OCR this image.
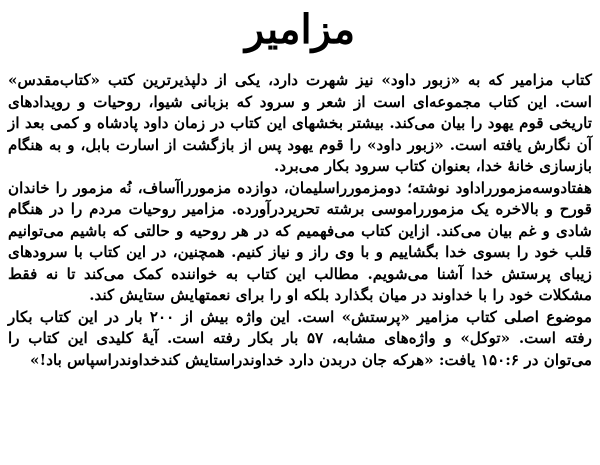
مزامیر

کتاب مزامیر که به «زبور داود» نیز شهرت دارد، یکی از دلپذیرترین کتب «کتاب‌مقدس» است. این کتاب مجموعه‌ای است از شعر و سرود که بزبانی شیوا، روحیات و رویدادهای تاریخی قوم یهود را بیان می‌کند. بیشتر بخشهای این کتاب در زمان داود پادشاه و کمی بعد از آن نگارش یافته است. «زبور داود» را قوم یهود پس از بازگشت از اسارت بابل، و به هنگام بازسازی خانهٔ خدا، بعنوان کتاب سرود بکار می‌برد.

هفتادوسه‌مزمورراداود نوشته؛ دومزمورراسلیمان، دوازده مزموررا‌آساف، نُه مزمور را خاندان قورح و بالاخره یک مزمورراموسی برشته تحریردرآورده. مزامیر روحیات مردم را در هنگام شادی و غم بیان می‌کند. ازاین کتاب می‌فهمیم که در هر روحیه و حالتی که باشیم می‌توانیم قلب خود را بسوی خدا بگشاییم و با وی راز و نیاز کنیم. همچنین، در این کتاب با سرودهای زیبای پرستش خدا آشنا می‌شویم. مطالب این کتاب به خواننده کمک می‌کند تا نه فقط مشکلات خود را با خداوند در میان بگذارد بلکه او را برای نعمتهایش ستایش کند.

موضوع اصلی کتاب مزامیر «پرستش» است. این واژه بیش از ۲۰۰ بار در این کتاب بکار رفته است. «توکل» و واژه‌های مشابه، ۵۷ بار بکار رفته است. آیهٔ کلیدی این کتاب را می‌توان در ۱۵۰:۶ یافت: «هرکه جان دربدن دارد خداوندراستایش کندخداوندراسپاس باد!»
